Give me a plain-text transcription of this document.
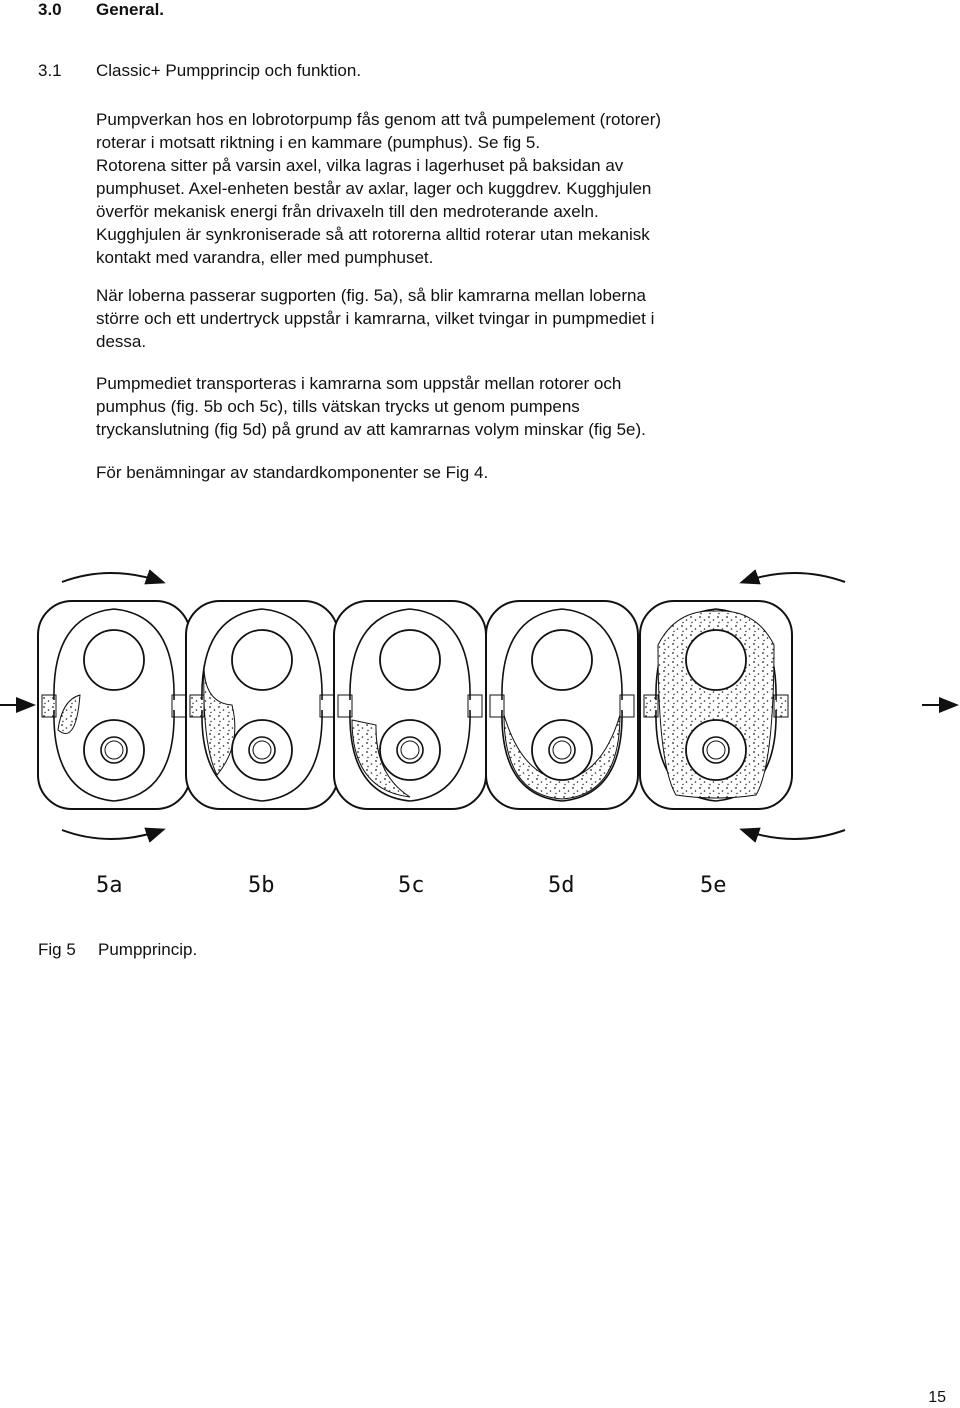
3.0 General.
3.1 Classic+ Pumpprincip och funktion.
Pumpverkan hos en lobrotorpump fås genom att två pumpelement (rotorer)
roterar i motsatt riktning i en kammare (pumphus). Se fig 5.
Rotorena sitter på varsin axel, vilka lagras i lagerhuset på baksidan av
pumphuset. Axel-enheten består av axlar, lager och kuggdrev. Kugghjulen
överför mekanisk energi från drivaxeln till den medroterande axeln.
Kugghjulen är synkroniserade så att rotorerna alltid roterar utan mekanisk
kontakt med varandra, eller med pumphuset.
När loberna passerar sugporten (fig. 5a), så blir kamrarna mellan loberna
större och ett undertryck uppstår i kamrarna, vilket tvingar in pumpmediet i
dessa.
Pumpmediet transporteras i kamrarna som uppstår mellan rotorer och
pumphus (fig. 5b och 5c), tills vätskan trycks ut genom pumpens
tryckanslutning (fig 5d) på grund av att kamrarnas volym minskar (fig 5e).
För benämningar av standardkomponenter se Fig 4.
5a	5b	5c	5d	5e
Fig 5 Pumpprincip.
15
